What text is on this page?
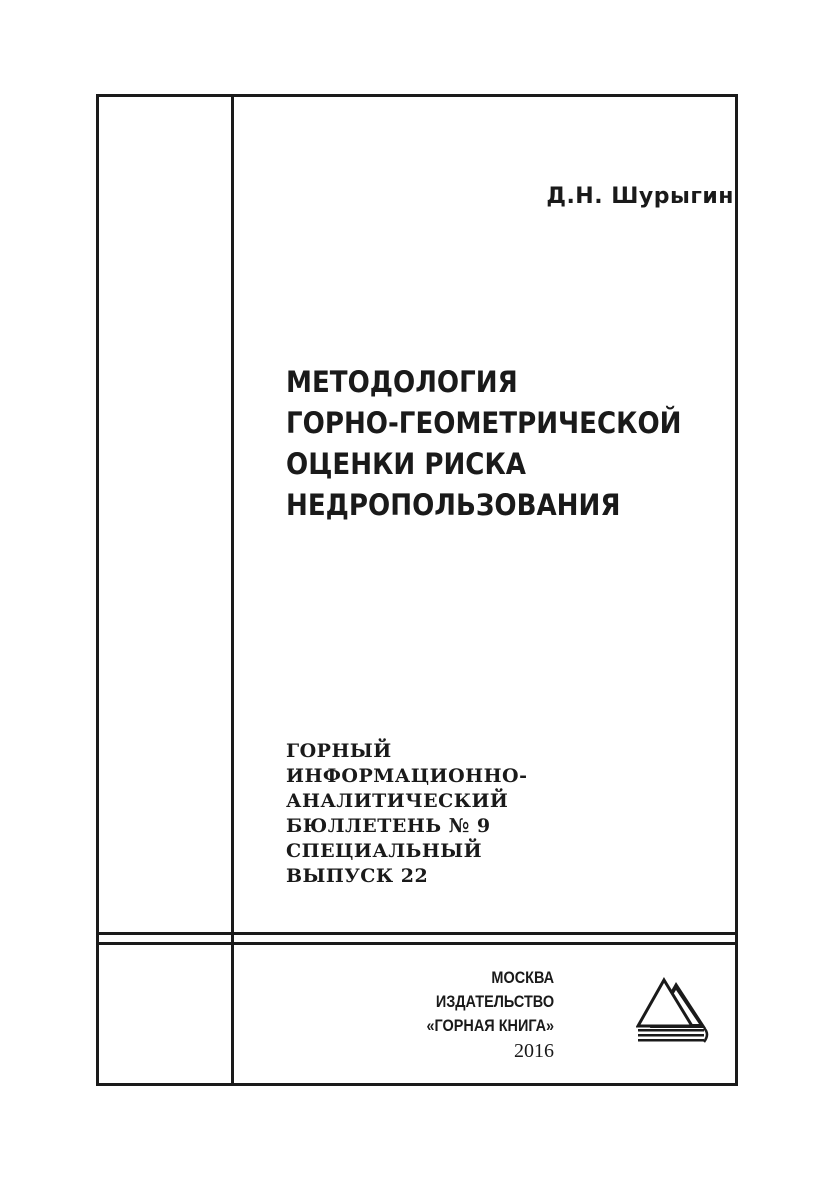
Д.Н. Шурыгин
МЕТОДОЛОГИЯ
ГОРНО-ГЕОМЕТРИЧЕСКОЙ
ОЦЕНКИ РИСКА
НЕДРОПОЛЬЗОВАНИЯ
ГОРНЫЙ
ИНФОРМАЦИОННО-
АНАЛИТИЧЕСКИЙ
БЮЛЛЕТЕНЬ № 9
СПЕЦИАЛЬНЫЙ
ВЫПУСК 22
МОСКВА
ИЗДАТЕЛЬСТВО
«ГОРНАЯ КНИГА»
2016
